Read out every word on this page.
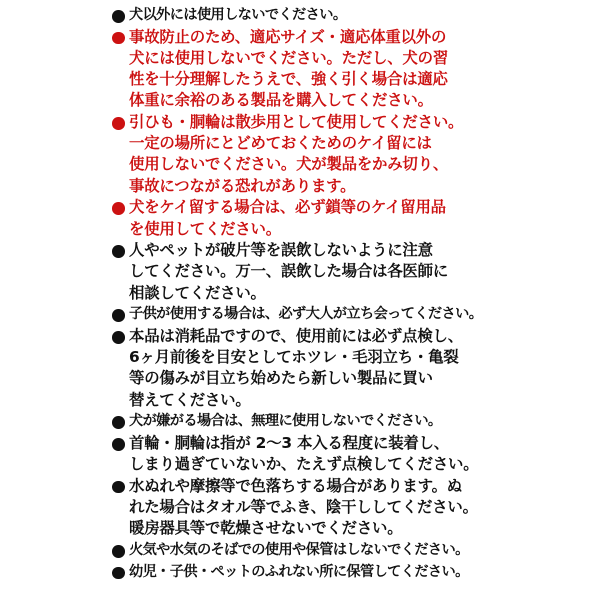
犬以外には使用しないでください。
事故防止のため、適応サイズ・適応体重以外の
犬には使用しないでください。ただし、犬の習
性を十分理解したうえで、強く引く場合は適応
体重に余裕のある製品を購入してください。
引ひも・胴輪は散歩用として使用してください。
一定の場所にとどめておくためのケイ留には
使用しないでください。犬が製品をかみ切り、
事故につながる恐れがあります。
犬をケイ留する場合は、必ず鎖等のケイ留用品
を使用してください。
人やペットが破片等を誤飲しないように注意
してください。万一、誤飲した場合は各医師に
相談してください。
子供が使用する場合は、必ず大人が立ち会ってください。
本品は消耗品ですので、使用前には必ず点検し、
6ヶ月前後を目安としてホツレ・毛羽立ち・亀裂
等の傷みが目立ち始めたら新しい製品に買い
替えてください。
犬が嫌がる場合は、無理に使用しないでください。
首輪・胴輪は指が 2～3 本入る程度に装着し、
しまり過ぎていないか、たえず点検してください。
水ぬれや摩擦等で色落ちする場合があります。ぬ
れた場合はタオル等でふき、陰干ししてください。
暖房器具等で乾燥させないでください。
火気や水気のそばでの使用や保管はしないでください。
幼児・子供・ペットのふれない所に保管してください。
